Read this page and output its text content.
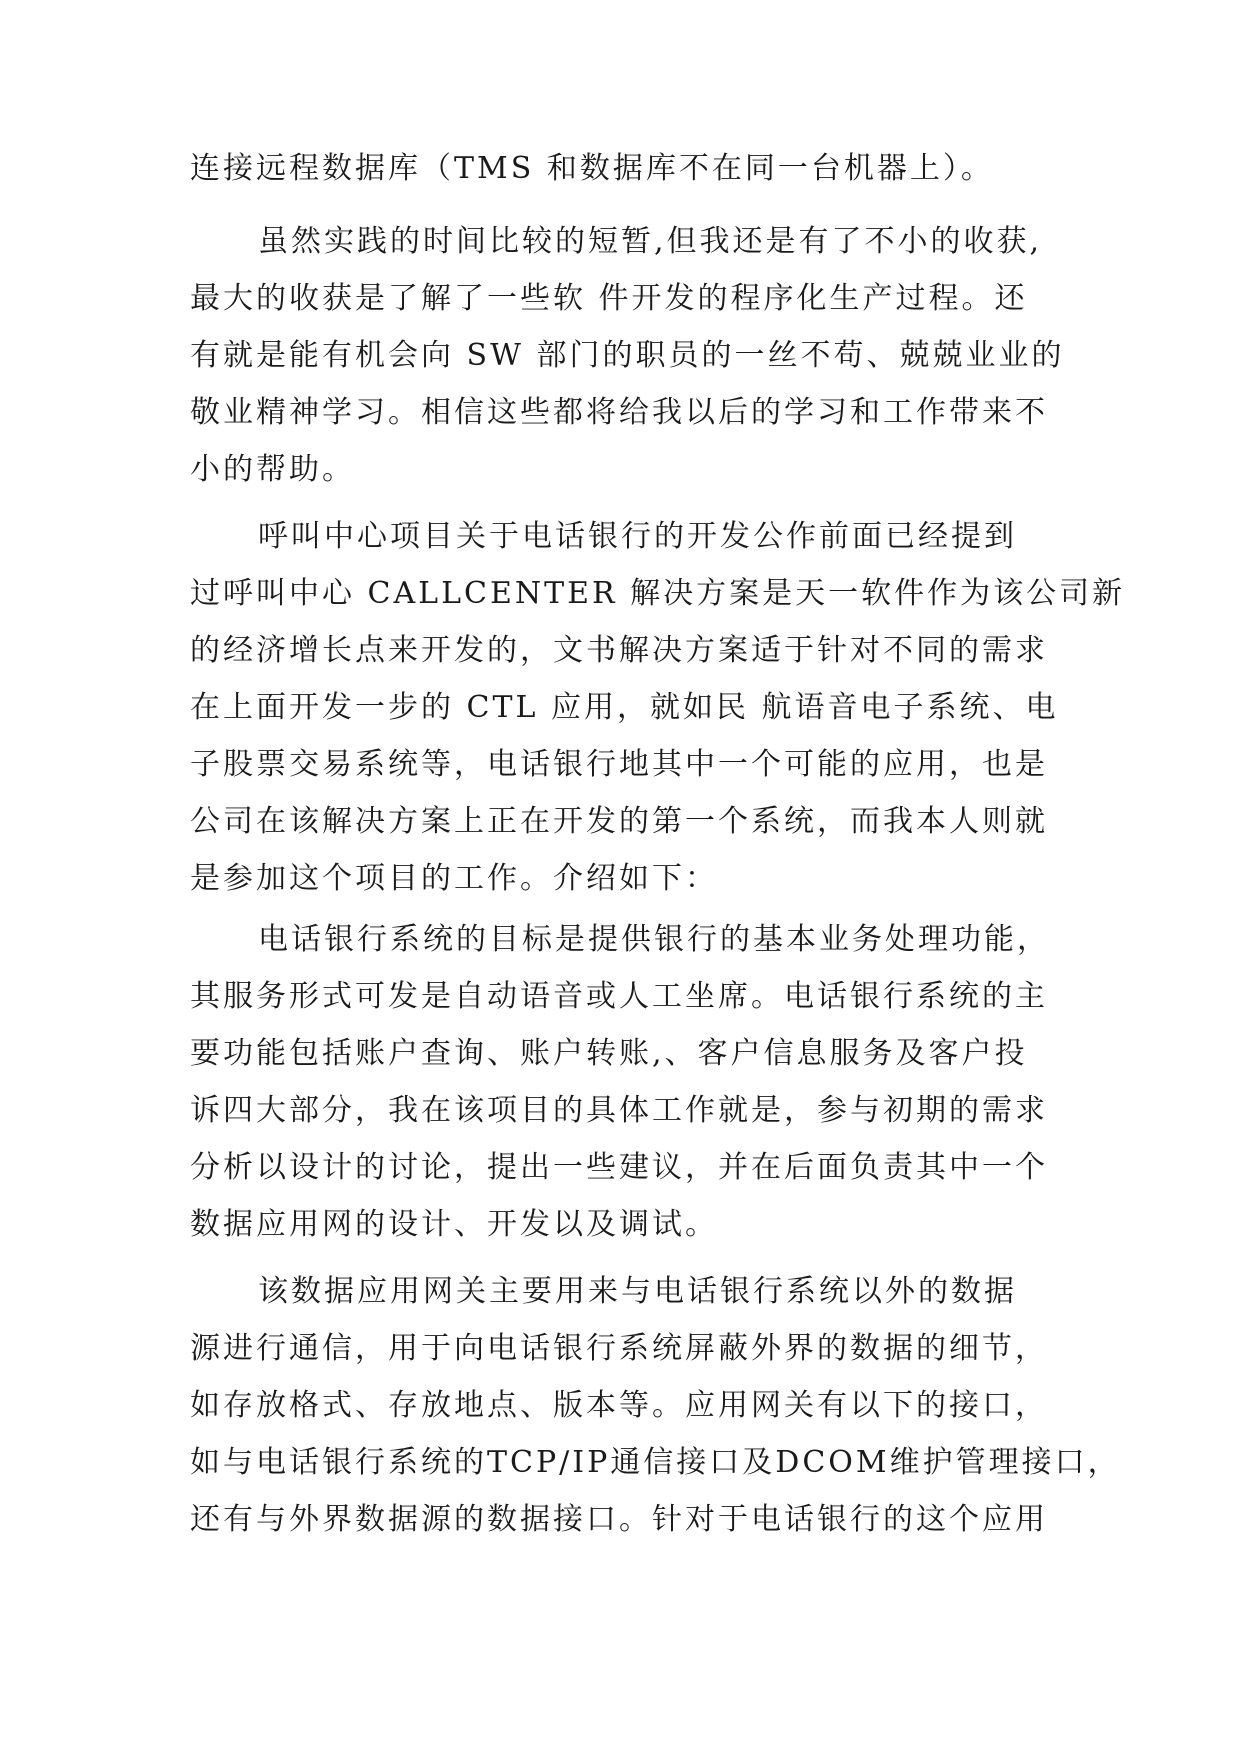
连接远程数据库（TMS 和数据库不在同一台机器上）。
虽然实践的时间比较的短暂,但我还是有了不小的收获,
最大的收获是了解了一些软 件开发的程序化生产过程。还
有就是能有机会向 SW 部门的职员的一丝不苟、兢兢业业的
敬业精神学习。相信这些都将给我以后的学习和工作带来不
小的帮助。
呼叫中心项目关于电话银行的开发公作前面已经提到
过呼叫中心 CALLCENTER 解决方案是天一软件作为该公司新
的经济增长点来开发的，文书解决方案适于针对不同的需求
在上面开发一步的 CTL 应用，就如民 航语音电子系统、电
子股票交易系统等，电话银行地其中一个可能的应用，也是
公司在该解决方案上正在开发的第一个系统，而我本人则就
是参加这个项目的工作。介绍如下：
电话银行系统的目标是提供银行的基本业务处理功能，
其服务形式可发是自动语音或人工坐席。电话银行系统的主
要功能包括账户查询、账户转账,、客户信息服务及客户投
诉四大部分，我在该项目的具体工作就是，参与初期的需求
分析以设计的讨论，提出一些建议，并在后面负责其中一个
数据应用网的设计、开发以及调试。
该数据应用网关主要用来与电话银行系统以外的数据
源进行通信，用于向电话银行系统屏蔽外界的数据的细节，
如存放格式、存放地点、版本等。应用网关有以下的接口，
如与电话银行系统的TCP/IP通信接口及DCOM维护管理接口，
还有与外界数据源的数据接口。针对于电话银行的这个应用
